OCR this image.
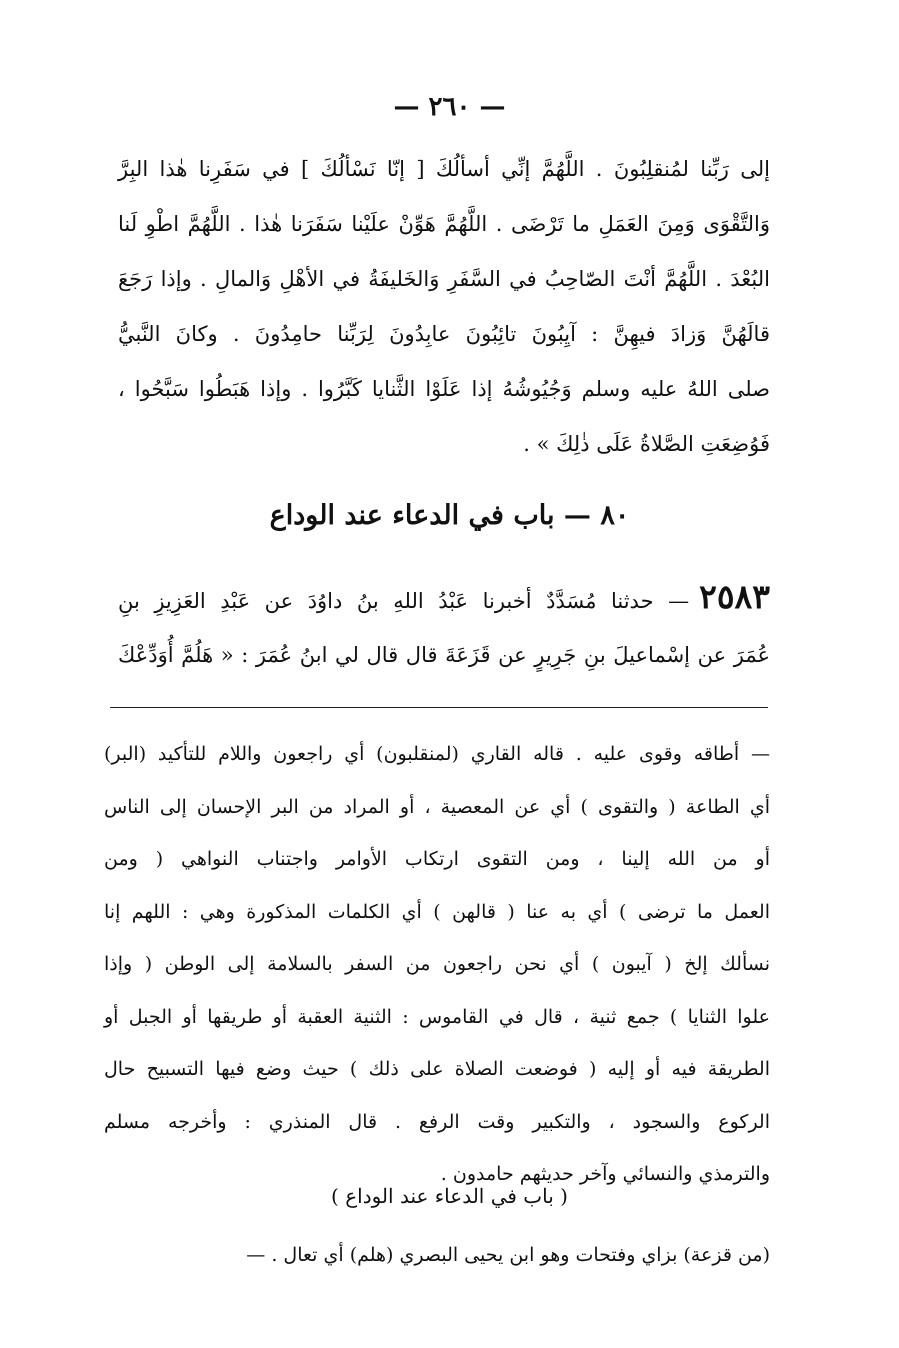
— ٢٦٠ —
إلى رَبِّنا لمُنقلِبُونَ . اللَّهُمَّ إنِّي أسألُكَ [ إنّا نَسْألُكَ ] في سَفَرِنا هٰذا البِرَّ
وَالتَّقْوَى وَمِنَ العَمَلِ ما تَرْضَى . اللَّهُمَّ هَوِّنْ علَيْنا سَفَرَنا هٰذا . اللَّهُمَّ اطْوِ لَنا
البُعْدَ . اللَّهُمَّ أنْتَ الصّاحِبُ في السَّفَرِ وَالخَليفَةُ في الأهْلِ وَالمالِ . وإذا رَجَعَ
قالَهُنَّ وَزادَ فيهِنَّ : آيِبُونَ تائِبُونَ عابِدُونَ لِرَبِّنا حامِدُونَ . وكانَ النَّبيُّ
صلى اللهُ عليه وسلم وَجُيُوشُهُ إذا عَلَوْا الثَّنايا كَبَّرُوا . وإذا هَبَطُوا سَبَّحُوا ،
فَوُضِعَتِ الصَّلاةُ عَلَى ذٰلِكَ » .
٨٠ — باب في الدعاء عند الوداع
٢٥٨٣— حدثنا مُسَدَّدٌ أخبرنا عَبْدُ اللهِ بنُ داوُدَ عن عَبْدِ العَزِيزِ بنِ
عُمَرَ عن إسْماعيلَ بنِ جَرِيرٍ عن قَزَعَةَ قال قال لي ابنُ عُمَرَ : « هَلُمَّ أُوَدِّعْكَ
— أطاقه وقوى عليه . قاله القاري (لمنقلبون) أي راجعون واللام للتأكيد (البر)
أي الطاعة ( والتقوى ) أي عن المعصية ، أو المراد من البر الإحسان إلى الناس
أو من الله إلينا ، ومن التقوى ارتكاب الأوامر واجتناب النواهي ( ومن
العمل ما ترضى ) أي به عنا ( قالهن ) أي الكلمات المذكورة وهي : اللهم إنا
نسألك إلخ ( آيبون ) أي نحن راجعون من السفر بالسلامة إلى الوطن ( وإذا
علوا الثنايا ) جمع ثنية ، قال في القاموس : الثنية العقبة أو طريقها أو الجبل أو
الطريقة فيه أو إليه ( فوضعت الصلاة على ذلك ) حيث وضع فيها التسبيح حال
الركوع والسجود ، والتكبير وقت الرفع . قال المنذري : وأخرجه مسلم
والترمذي والنسائي وآخر حديثهم حامدون .
( باب في الدعاء عند الوداع )
(من قزعة) بزاي وفتحات وهو ابن يحيى البصري (هلم) أي تعال . —
